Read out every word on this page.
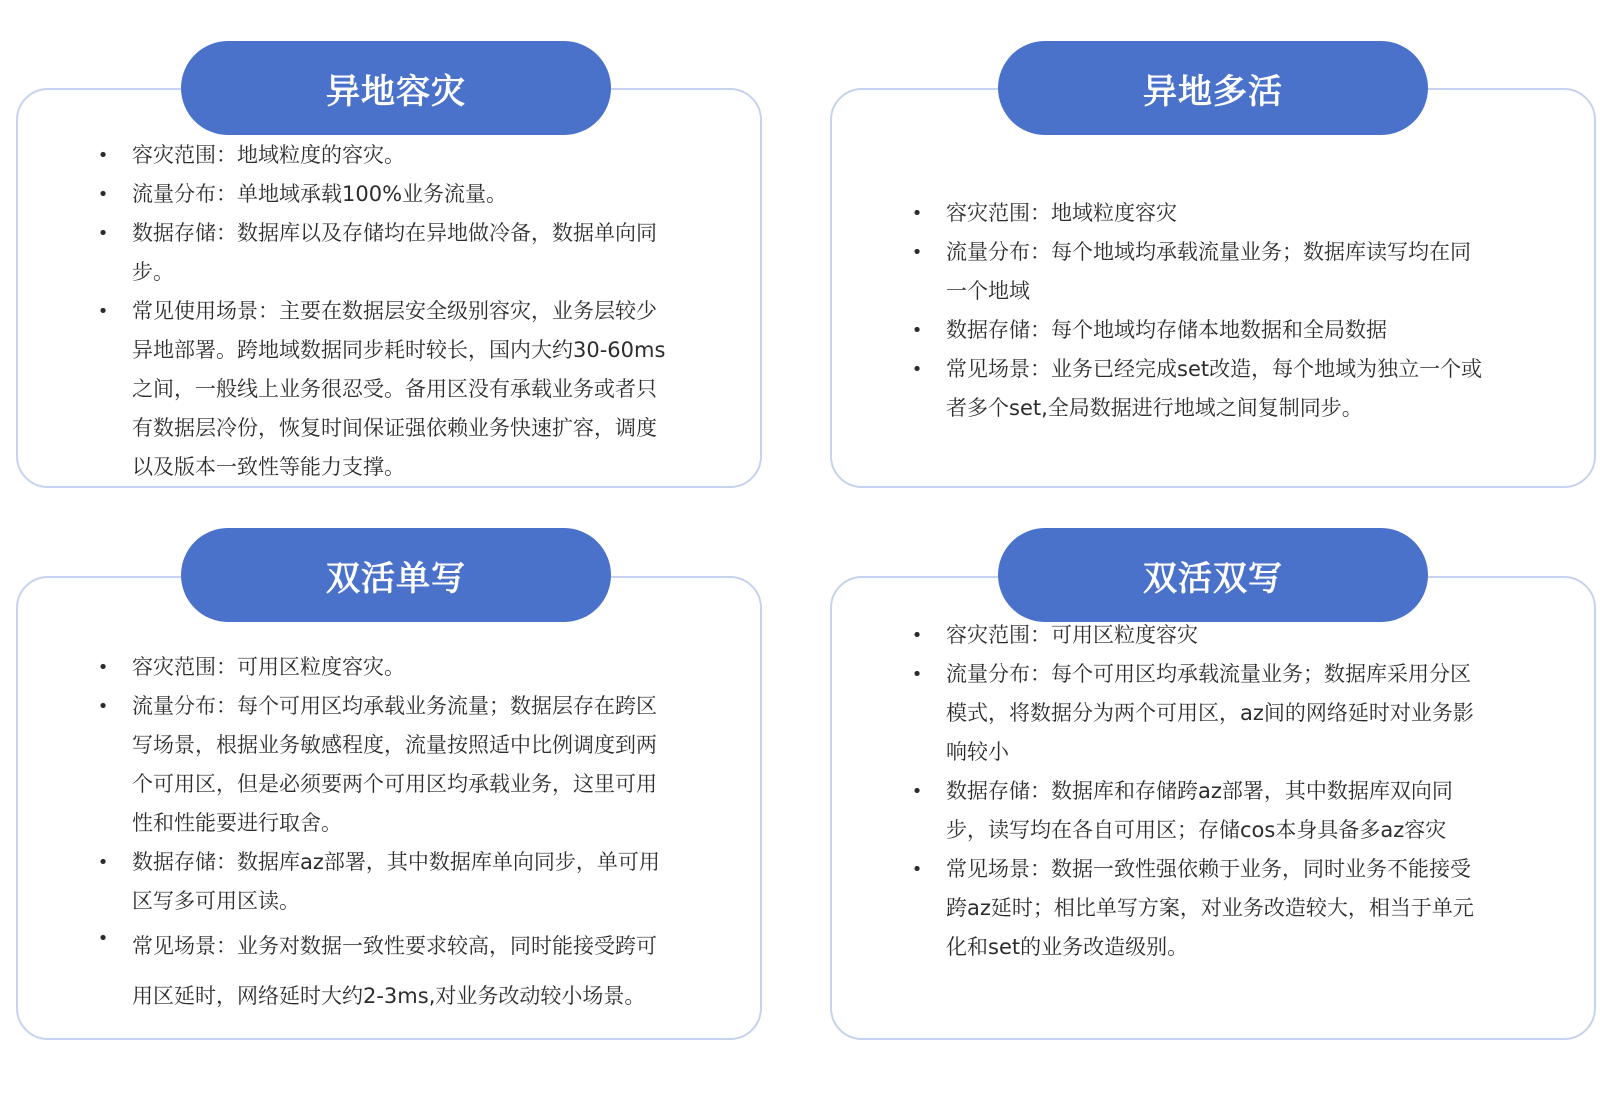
• 容灾范围：地域粒度的容灾。
• 流量分布：单地域承载100%业务流量。
• 数据存储：数据库以及存储均在异地做冷备，数据单向同步。
• 常见使用场景：主要在数据层安全级别容灾，业务层较少异地部署。跨地域数据同步耗时较长，国内大约30-60ms之间，一般线上业务很忍受。备用区没有承载业务或者只有数据层冷份，恢复时间保证强依赖业务快速扩容，调度以及版本一致性等能力支撑。
异地容灾
• 容灾范围：地域粒度容灾
• 流量分布：每个地域均承载流量业务；数据库读写均在同一个地域
• 数据存储：每个地域均存储本地数据和全局数据
• 常见场景：业务已经完成set改造，每个地域为独立一个或者多个set,全局数据进行地域之间复制同步。
异地多活
• 容灾范围：可用区粒度容灾。
• 流量分布：每个可用区均承载业务流量；数据层存在跨区写场景，根据业务敏感程度，流量按照适中比例调度到两个可用区，但是必须要两个可用区均承载业务，这里可用性和性能要进行取舍。
• 数据存储：数据库az部署，其中数据库单向同步，单可用区写多可用区读。
• 常见场景：业务对数据一致性要求较高，同时能接受跨可用区延时，网络延时大约2-3ms,对业务改动较小场景。
双活单写
• 容灾范围：可用区粒度容灾
• 流量分布：每个可用区均承载流量业务；数据库采用分区模式，将数据分为两个可用区，az间的网络延时对业务影响较小
• 数据存储：数据库和存储跨az部署，其中数据库双向同步，读写均在各自可用区；存储cos本身具备多az容灾
• 常见场景：数据一致性强依赖于业务，同时业务不能接受跨az延时；相比单写方案，对业务改造较大，相当于单元化和set的业务改造级别。
双活双写
